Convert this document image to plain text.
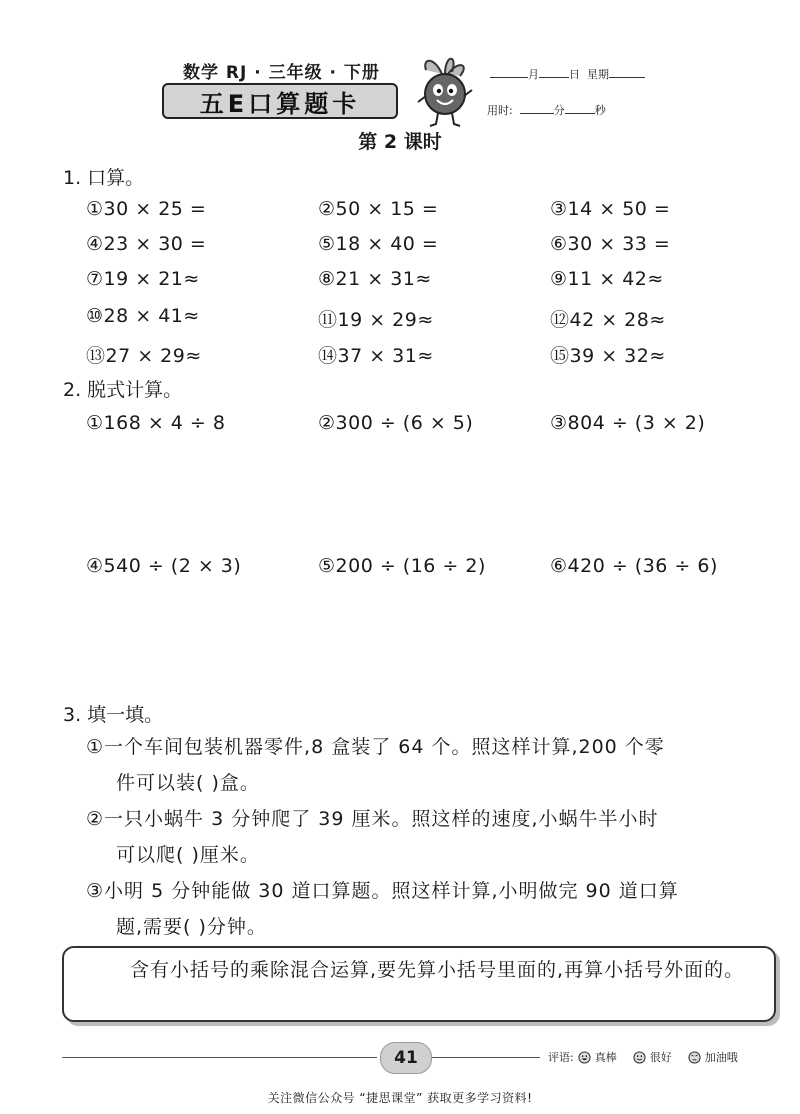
数学 RJ · 三年级 · 下册
五E口算题卡
月	日 星期
用时:	分	秒
第 2 课时
1. 口算。
①30 × 25 =	②50 × 15 =	③14 × 50 =
④23 × 30 =	⑤18 × 40 =	⑥30 × 33 =
⑦19 × 21≈	⑧21 × 31≈	⑨11 × 42≈
⑩28 × 41≈	⑪19 × 29≈	⑫42 × 28≈
⑬27 × 29≈	⑭37 × 31≈	⑮39 × 32≈
2. 脱式计算。
①168 × 4 ÷ 8	②300 ÷ (6 × 5)	③804 ÷ (3 × 2)
④540 ÷ (2 × 3)	⑤200 ÷ (16 ÷ 2)	⑥420 ÷ (36 ÷ 6)
3. 填一填。
①一个车间包装机器零件,8 盒装了 64 个。照这样计算,200 个零
件可以装( )盒。
②一只小蜗牛 3 分钟爬了 39 厘米。照这样的速度,小蜗牛半小时
可以爬( )厘米。
③小明 5 分钟能做 30 道口算题。照这样计算,小明做完 90 道口算
题,需要( )分钟。
含有小括号的乘除混合运算,要先算小括号里面的,再算小括号外面的。
41	评语: 真棒	很好	加油哦
关注微信公众号 “捷思课堂” 获取更多学习资料!
